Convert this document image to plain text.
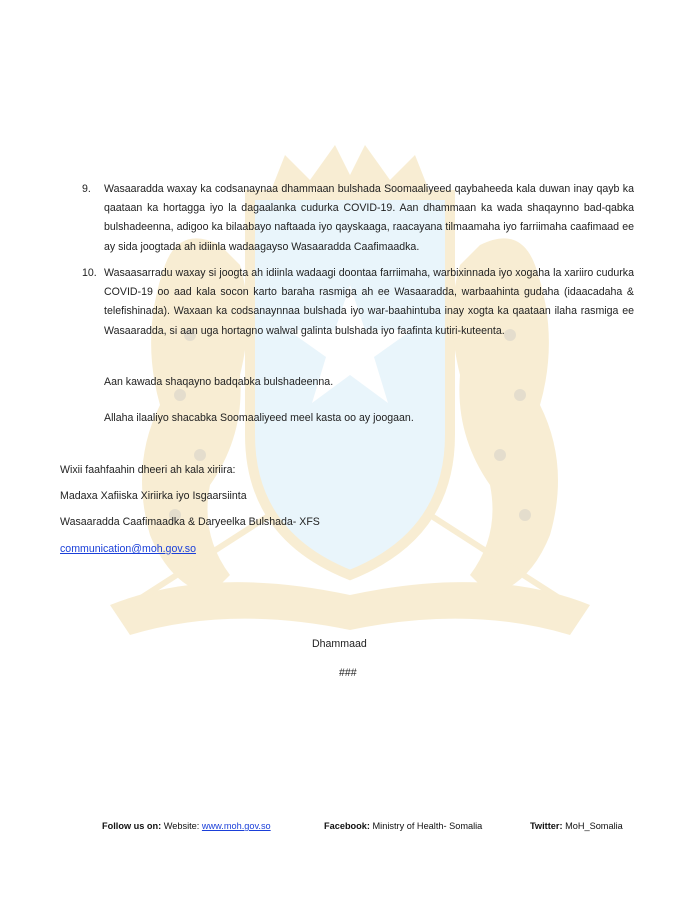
9. Wasaaradda waxay ka codsanaynaa dhammaan bulshada Soomaaliyeed qaybaheeda kala duwan inay qayb ka qaataan ka hortagga iyo la dagaalanka cudurka COVID-19. Aan dhammaan ka wada shaqaynno bad-qabka bulshadeenna, adigoo ka bilaabayo naftaada iyo qayskaaga, raacayana tilmaamaha iyo farriimaha caafimaad ee ay sida joogtada ah idiinla wadaagayso Wasaaradda Caafimaadka.
10. Wasaasarradu waxay si joogta ah idiinla wadaagi doontaa farriimaha, warbixinnada iyo xogaha la xariiro cudurka COVID-19 oo aad kala socon karto baraha rasmiga ah ee Wasaaradda, warbaahinta gudaha (idaacadaha & telefishinada). Waxaan ka codsanaynnaa bulshada iyo war-baahintuba inay xogta ka qaataan ilaha rasmiga ee Wasaaradda, si aan uga hortagno walwal galinta bulshada iyo faafinta kutiri-kuteenta.
Aan kawada shaqayno badqabka bulshadeenna.
Allaha ilaaliyo shacabka Soomaaliyeed meel kasta oo ay joogaan.
Wixii faahfaahin dheeri ah kala xiriira:
Madaxa Xafiiska Xiriirka iyo Isgaarsiinta
Wasaaradda Caafimaadka & Daryeelka Bulshada- XFS
communication@moh.gov.so
Dhammaad
###
Follow us on: Website: www.moh.gov.so	Facebook: Ministry of Health- Somalia	Twitter: MoH_Somalia
